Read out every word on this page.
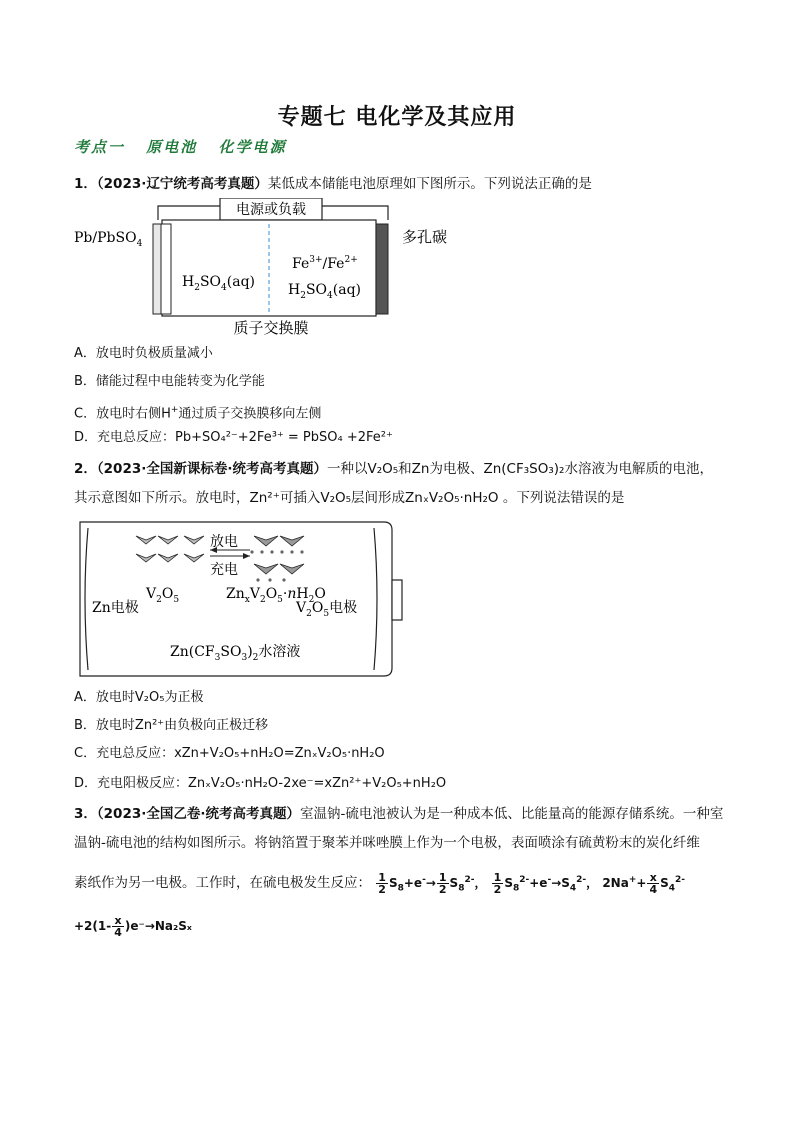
专题七 电化学及其应用
考点一 原电池 化学电源
1．（2023·辽宁统考高考真题）某低成本储能电池原理如下图所示。下列说法正确的是
电源或负载
Pb/PbSO$_4$	多孔碳
$H_2SO_4(aq)$
$Fe^{3+}/Fe^{2+}$
$H_2SO_4(aq)$
质子交换膜
A．放电时负极质量减小
B．储能过程中电能转变为化学能
C．放电时右侧H+通过质子交换膜移向左侧
D．充电总反应：Pb+SO₄²⁻+2Fe³⁺ = PbSO₄ +2Fe²⁺
2．（2023·全国新课标卷·统考高考真题）一种以V₂O₅和Zn为电极、Zn(CF₃SO₃)₂水溶液为电解质的电池，
其示意图如下所示。放电时，Zn²⁺可插入V₂O₅层间形成ZnₓV₂O₅·nH₂O 。下列说法错误的是
放电
充电
$V_2O_5$	$Zn_xV_2O_5\cdot nH_2O$
Zn电极	$V_2O_5$电极
$Zn(CF_3SO_3)_2$水溶液
A．放电时V₂O₅为正极
B．放电时Zn²⁺由负极向正极迁移
C．充电总反应：xZn+V₂O₅+nH₂O=ZnₓV₂O₅·nH₂O
D．充电阳极反应：ZnₓV₂O₅·nH₂O-2xe⁻=xZn²⁺+V₂O₅+nH₂O
3．（2023·全国乙卷·统考高考真题）室温钠-硫电池被认为是一种成本低、比能量高的能源存储系统。一种室
温钠-硫电池的结构如图所示。将钠箔置于聚苯并咪唑膜上作为一个电极，表面喷涂有硫黄粉末的炭化纤维
素纸作为另一电极。工作时，在硫电极发生反应： $\frac{1}{2} S_8+e^-\to \frac{1}{2} S_8^{2-}$， $\frac{1}{2} S_8^{2-}+e^-\to S_4^{2-}$， $2Na^++ \frac{x}{4} S_4^{2-}$
$+2(1- \frac{x}{4} )e^-\to Na_2S_x$
